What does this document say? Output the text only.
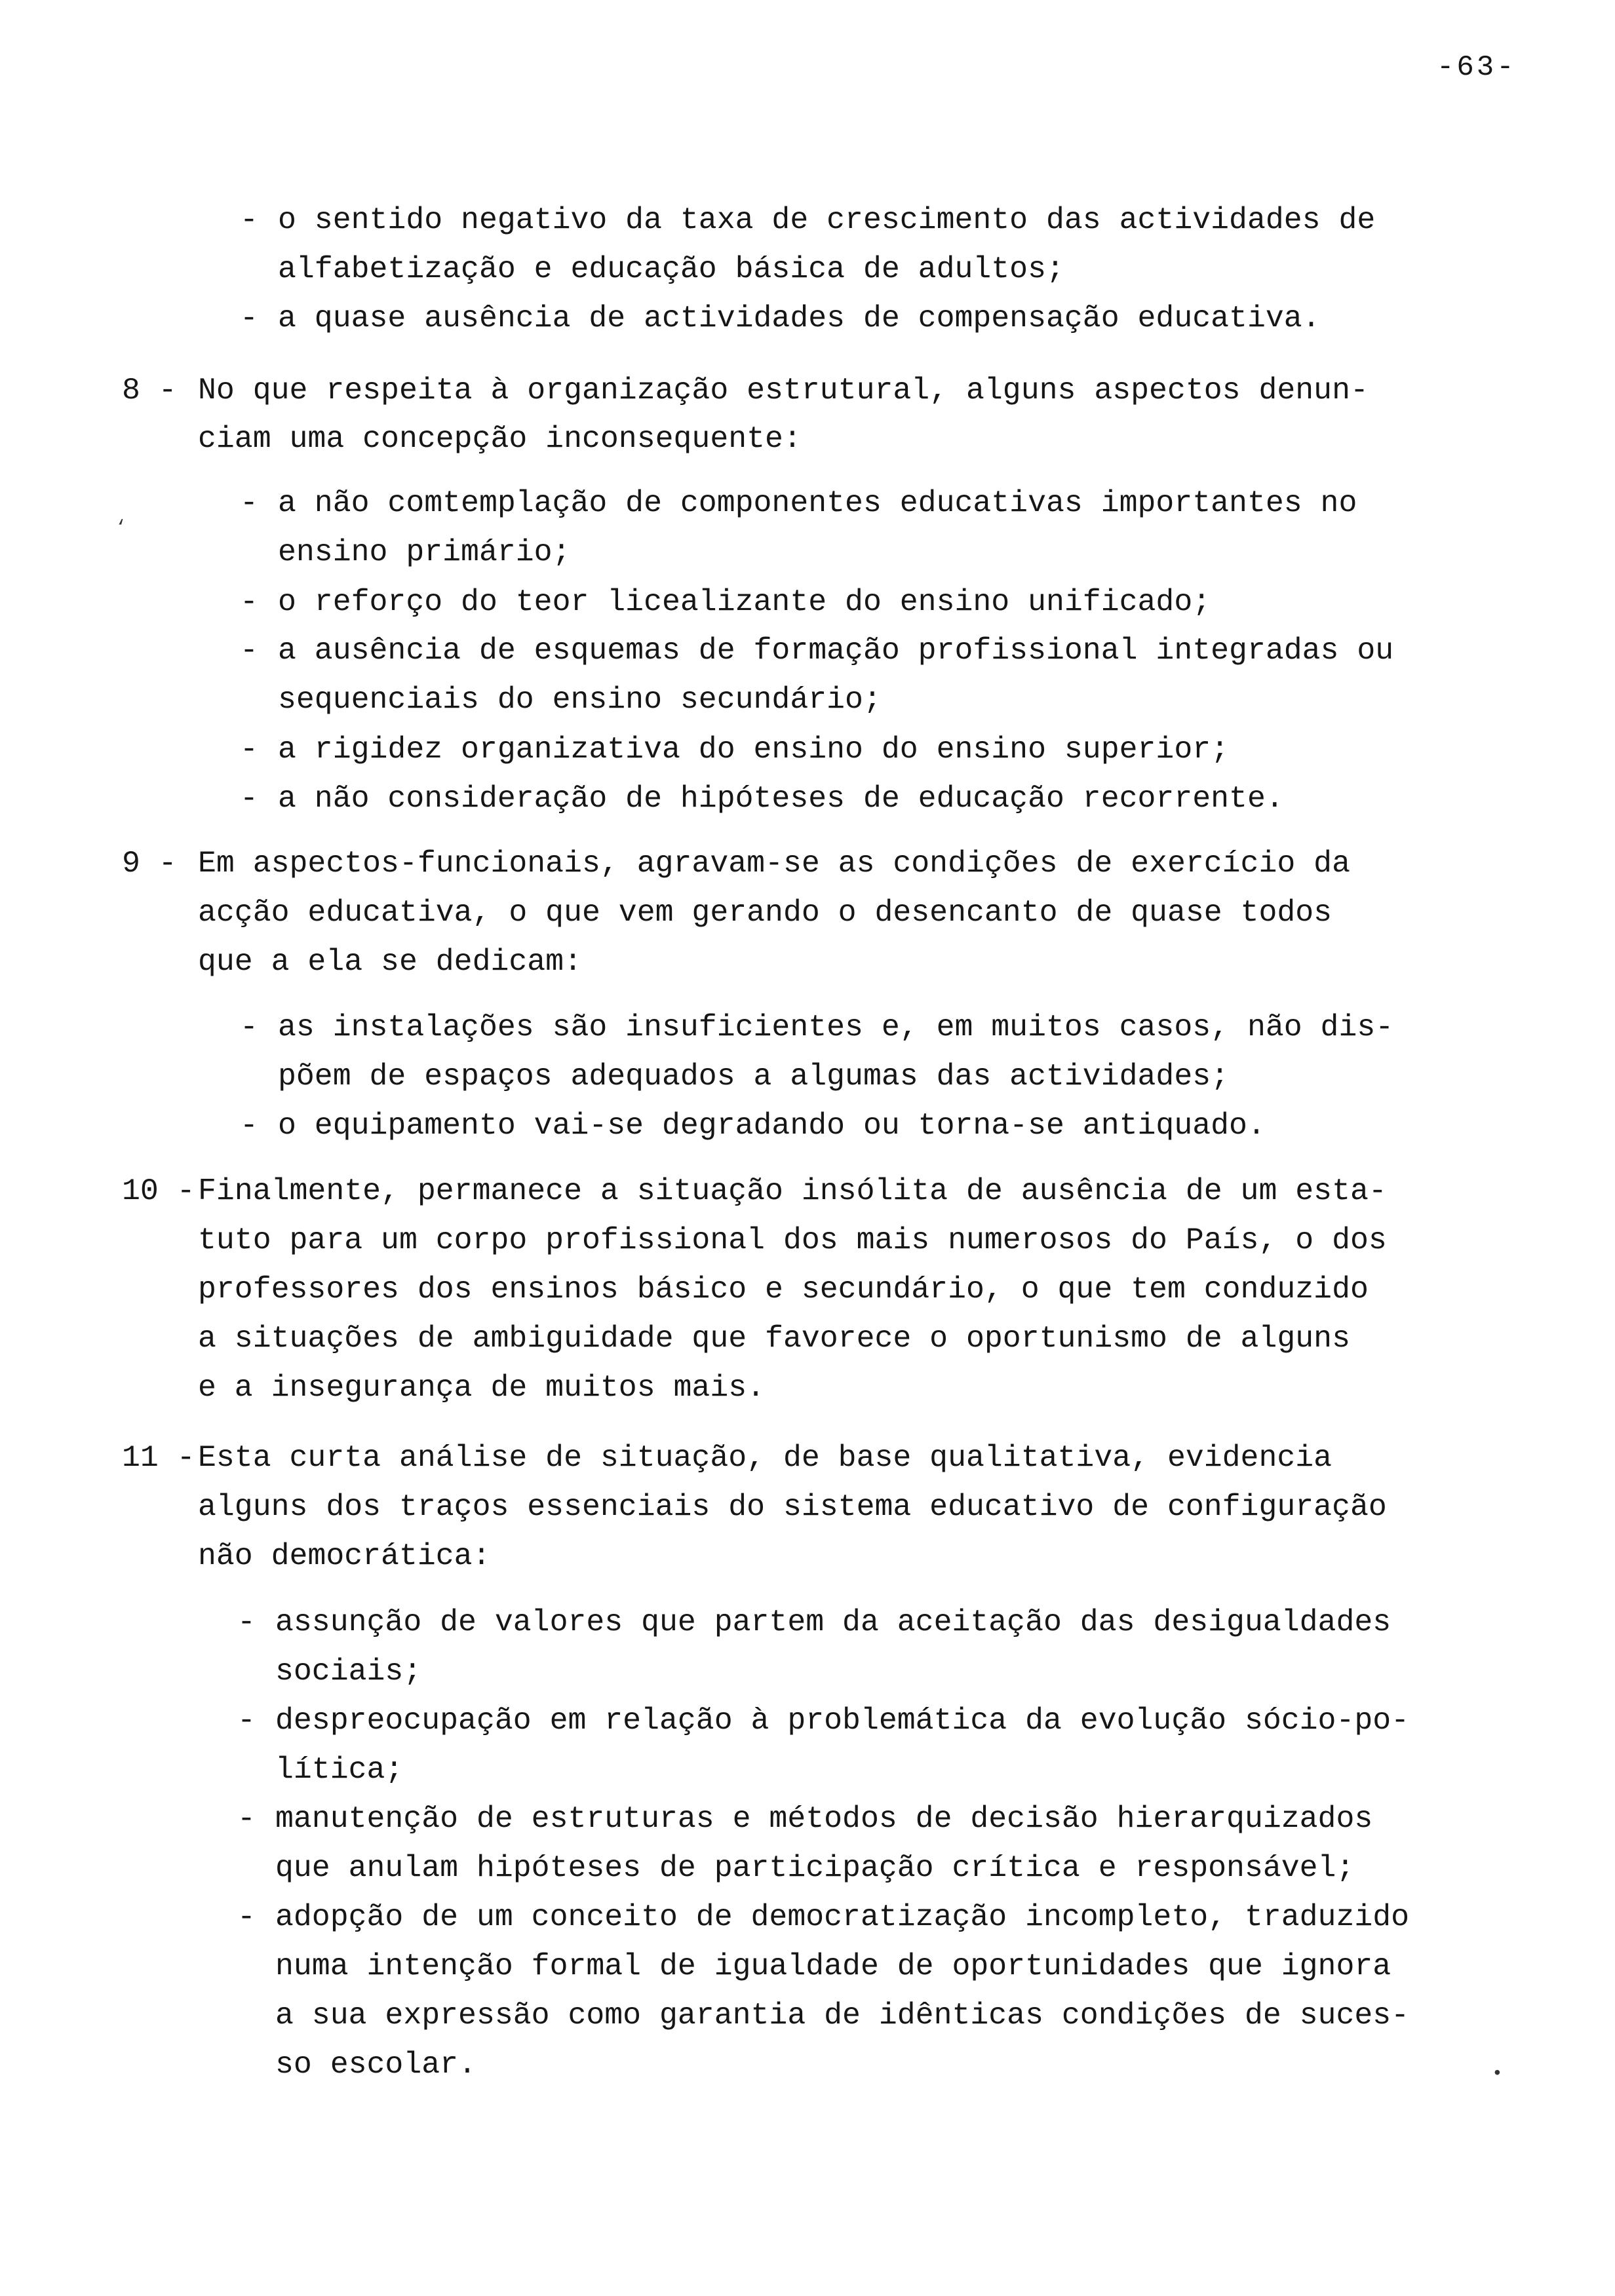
-63-
- o sentido negativo da taxa de crescimento das actividades de
alfabetização e educação básica de adultos;
- a quase ausência de actividades de compensação educativa.
8 - No que respeita à organização estrutural, alguns aspectos denun-
ciam uma concepção inconsequente:
- a não comtemplação de componentes educativas importantes no
ensino primário;
- o reforço do teor licealizante do ensino unificado;
- a ausência de esquemas de formação profissional integradas ou
sequenciais do ensino secundário;
- a rigidez organizativa do ensino do ensino superior;
- a não consideração de hipóteses de educação recorrente.
9 - Em aspectos-funcionais, agravam-se as condições de exercício da
acção educativa, o que vem gerando o desencanto de quase todos
que a ela se dedicam:
- as instalações são insuficientes e, em muitos casos, não dis-
põem de espaços adequados a algumas das actividades;
- o equipamento vai-se degradando ou torna-se antiquado.
10 - Finalmente, permanece a situação insólita de ausência de um esta-
tuto para um corpo profissional dos mais numerosos do País, o dos
professores dos ensinos básico e secundário, o que tem conduzido
a situações de ambiguidade que favorece o oportunismo de alguns
e a insegurança de muitos mais.
11 - Esta curta análise de situação, de base qualitativa, evidencia
alguns dos traços essenciais do sistema educativo de configuração
não democrática:
- assunção de valores que partem da aceitação das desigualdades
sociais;
- despreocupação em relação à problemática da evolução sócio-po-
lítica;
- manutenção de estruturas e métodos de decisão hierarquizados
que anulam hipóteses de participação crítica e responsável;
- adopção de um conceito de democratização incompleto, traduzido
numa intenção formal de igualdade de oportunidades que ignora
a sua expressão como garantia de idênticas condições de suces-
so escolar.
‘
•
